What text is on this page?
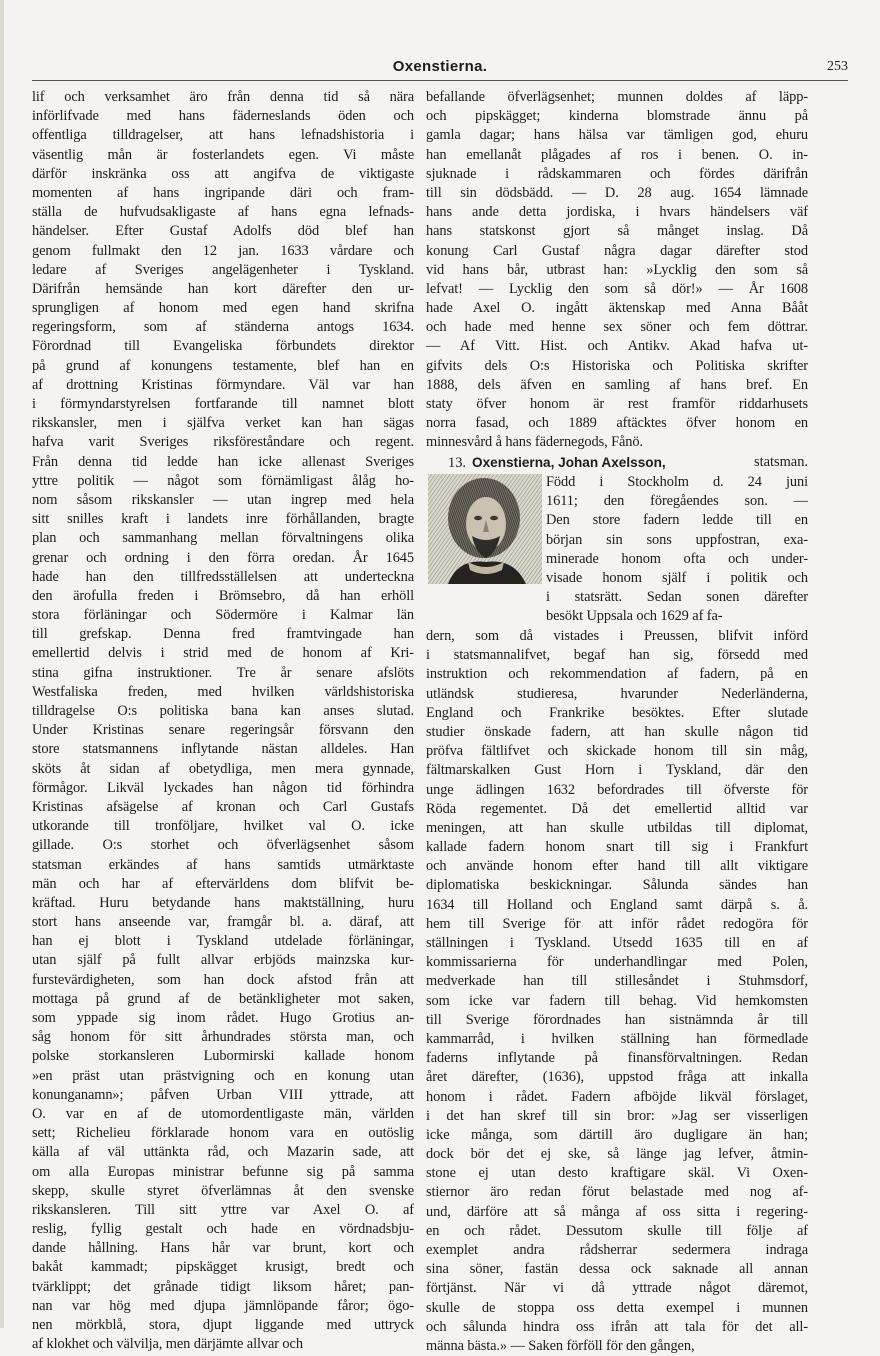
Oxenstierna.	253
lif och verksamhet äro från denna tid så nära
införlifvade med hans fäderneslands öden och
offentliga tilldragelser, att hans lefnadshistoria i
väsentlig mån är fosterlandets egen. Vi måste
därför inskränka oss att angifva de viktigaste
momenten af hans ingripande däri och fram-
ställa de hufvudsakligaste af hans egna lefnads-
händelser. Efter Gustaf Adolfs död blef han
genom fullmakt den 12 jan. 1633 vårdare och
ledare af Sveriges angelägenheter i Tyskland.
Därifrån hemsände han kort därefter den ur-
sprungligen af honom med egen hand skrifna
regeringsform, som af ständerna antogs 1634.
Förordnad till Evangeliska förbundets direktor
på grund af konungens testamente, blef han en
af drottning Kristinas förmyndare. Väl var han
i förmyndarstyrelsen fortfarande till namnet blott
rikskansler, men i själfva verket kan han sägas
hafva varit Sveriges riksföreståndare och regent.
Från denna tid ledde han icke allenast Sveriges
yttre politik — något som förnämligast ålåg ho-
nom såsom rikskansler — utan ingrep med hela
sitt snilles kraft i landets inre förhållanden, bragte
plan och sammanhang mellan förvaltningens olika
grenar och ordning i den förra oredan. År 1645
hade han den tillfredsställelsen att underteckna
den ärofulla freden i Brömsebro, då han erhöll
stora förläningar och Södermöre i Kalmar län
till grefskap. Denna fred framtvingade han
emellertid delvis i strid med de honom af Kri-
stina gifna instruktioner. Tre år senare afslöts
Westfaliska freden, med hvilken världshistoriska
tilldragelse O:s politiska bana kan anses slutad.
Under Kristinas senare regeringsår försvann den
store statsmannens inflytande nästan alldeles. Han
sköts åt sidan af obetydliga, men mera gynnade,
förmågor. Likväl lyckades han någon tid förhindra
Kristinas afsägelse af kronan och Carl Gustafs
utkorande till tronföljare, hvilket val O. icke
gillade. O:s storhet och öfverlägsenhet såsom
statsman erkändes af hans samtids utmärktaste
män och har af eftervärldens dom blifvit be-
kräftad. Huru betydande hans maktställning, huru
stort hans anseende var, framgår bl. a. däraf, att
han ej blott i Tyskland utdelade förläningar,
utan själf på fullt allvar erbjöds mainzska kur-
furstevärdigheten, som han dock afstod från att
mottaga på grund af de betänkligheter mot saken,
som yppade sig inom rådet. Hugo Grotius an-
såg honom för sitt århundrades största man, och
polske storkansleren Lubormirski kallade honom
»en präst utan prästvigning och en konung utan
konunganamn»; påfven Urban VIII yttrade, att
O. var en af de utomordentligaste män, världen
sett; Richelieu förklarade honom vara en outöslig
källa af väl uttänkta råd, och Mazarin sade, att
om alla Europas ministrar befunne sig på samma
skepp, skulle styret öfverlämnas åt den svenske
rikskansleren. Till sitt yttre var Axel O. af
reslig, fyllig gestalt och hade en vördnadsbju-
dande hållning. Hans hår var brunt, kort och
bakåt kammadt; pipskägget krusigt, bredt och
tvärklippt; det grånade tidigt liksom håret; pan-
nan var hög med djupa jämnlöpande fåror; ögo-
nen mörkblå, stora, djupt liggande med uttryck
af klokhet och välvilja, men därjämte allvar och
befallande öfverlägsenhet; munnen doldes af läpp-
och pipskägget; kinderna blomstrade ännu på
gamla dagar; hans hälsa var tämligen god, ehuru
han emellanåt plågades af ros i benen. O. in-
sjuknade i rådskammaren och fördes därifrån
till sin dödsbädd. — D. 28 aug. 1654 lämnade
hans ande detta jordiska, i hvars händelsers väf
hans statskonst gjort så månget inslag. Då
konung Carl Gustaf några dagar därefter stod
vid hans bår, utbrast han: »Lycklig den som så
lefvat! — Lycklig den som så dör!» — År 1608
hade Axel O. ingått äktenskap med Anna Bååt
och hade med henne sex söner och fem döttrar.
— Af Vitt. Hist. och Antikv. Akad hafva ut-
gifvits dels O:s Historiska och Politiska skrifter
1888, dels äfven en samling af hans bref. En
staty öfver honom är rest framför riddarhusets
norra fasad, och 1889 aftäcktes öfver honom en
minnesvård å hans fädernegods, Fånö.
13. Oxenstierna, Johan Axelsson,	statsman.
Född i Stockholm d. 24 juni
1611; den föregåendes son. —
Den store fadern ledde till en
början sin sons uppfostran, exa-
minerade honom ofta och under-
visade honom själf i politik och
i statsrätt. Sedan sonen därefter
besökt Uppsala och 1629 af fa-
dern, som då vistades i Preussen, blifvit införd
i statsmannalifvet, begaf han sig, försedd med
instruktion och rekommendation af fadern, på en
utländsk studieresa, hvarunder Nederländerna,
England och Frankrike besöktes. Efter slutade
studier önskade fadern, att han skulle någon tid
pröfva fältlifvet och skickade honom till sin måg,
fältmarskalken Gust Horn i Tyskland, där den
unge ädlingen 1632 befordrades till öfverste för
Röda regementet. Då det emellertid alltid var
meningen, att han skulle utbildas till diplomat,
kallade fadern honom snart till sig i Frankfurt
och använde honom efter hand till allt viktigare
diplomatiska beskickningar. Sålunda sändes han
1634 till Holland och England samt därpå s. å.
hem till Sverige för att inför rådet redogöra för
ställningen i Tyskland. Utsedd 1635 till en af
kommissarierna för underhandlingar med Polen,
medverkade han till stillesåndet i Stuhmsdorf,
som icke var fadern till behag. Vid hemkomsten
till Sverige förordnades han sistnämnda år till
kammarråd, i hvilken ställning han förmedlade
faderns inflytande på finansförvaltningen. Redan
året därefter, (1636), uppstod fråga att inkalla
honom i rådet. Fadern afböjde likväl förslaget,
i det han skref till sin bror: »Jag ser visserligen
icke många, som därtill äro dugligare än han;
dock bör det ej ske, så länge jag lefver, åtmin-
stone ej utan desto kraftigare skäl. Vi Oxen-
stiernor äro redan förut belastade med nog af-
und, därföre att så många af oss sitta i regering-
en och rådet. Dessutom skulle till följe af
exemplet andra rådsherrar sedermera indraga
sina söner, fastän dessa ock saknade all annan
förtjänst. När vi då yttrade något däremot,
skulle de stoppa oss detta exempel i munnen
och sålunda hindra oss ifrån att tala för det all-
männa bästa.» — Saken förföll för den gången,
